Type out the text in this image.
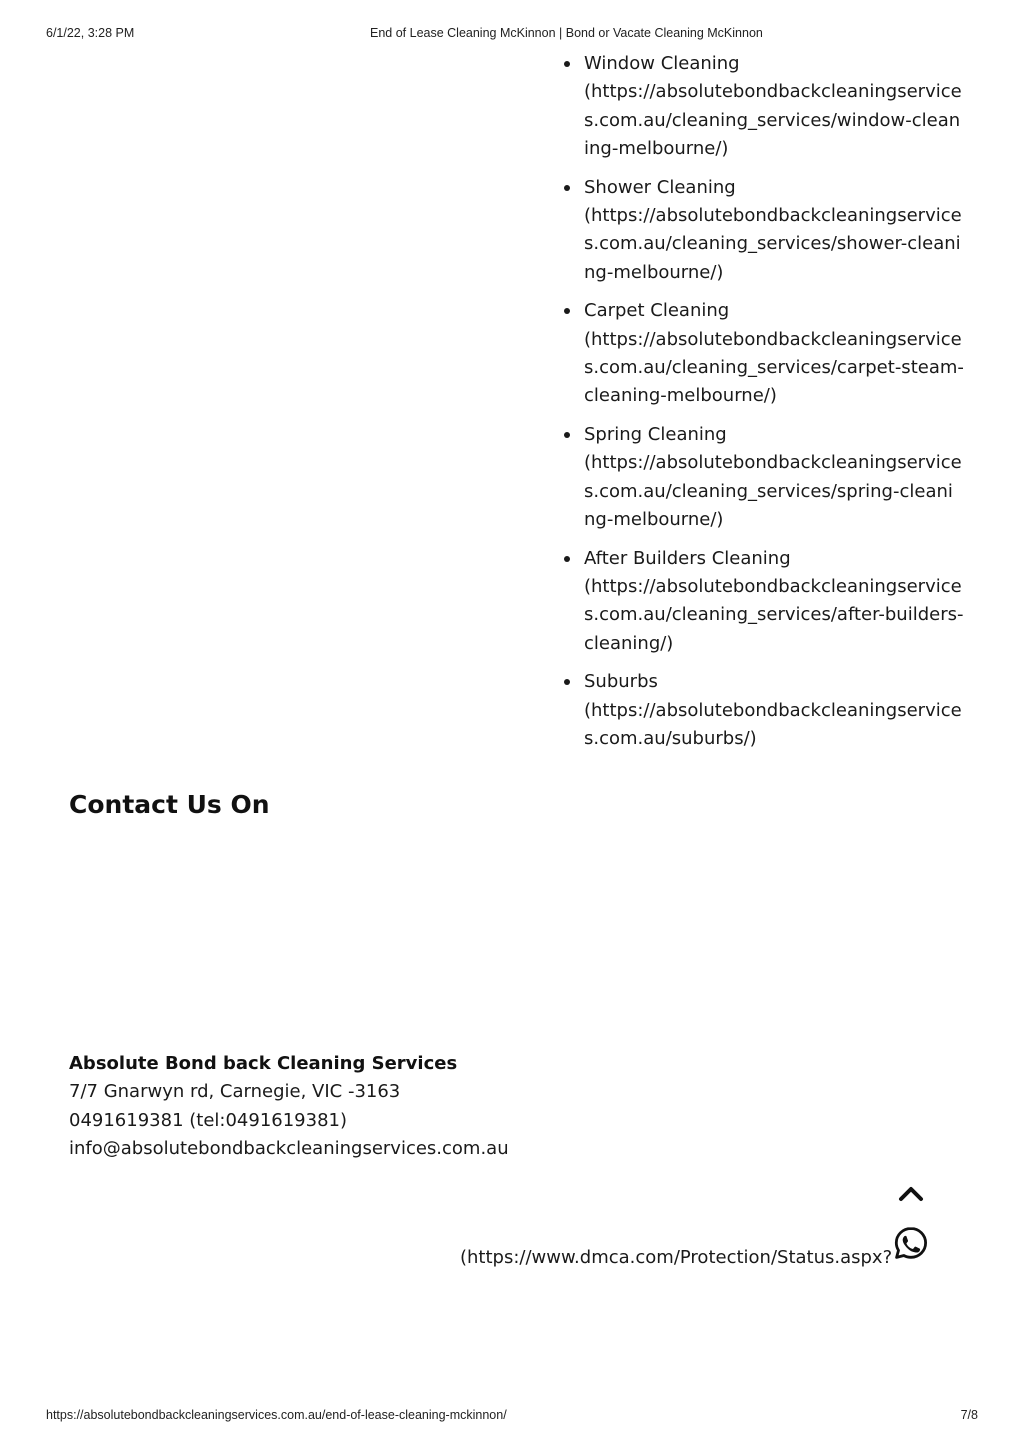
6/1/22, 3:28 PM	End of Lease Cleaning McKinnon | Bond or Vacate Cleaning McKinnon
Window Cleaning
(https://absolutebondbackcleaningservices.com.au/cleaning_services/window-cleaning-melbourne/)
Shower Cleaning
(https://absolutebondbackcleaningservices.com.au/cleaning_services/shower-cleaning-melbourne/)
Carpet Cleaning
(https://absolutebondbackcleaningservices.com.au/cleaning_services/carpet-steam-cleaning-melbourne/)
Spring Cleaning
(https://absolutebondbackcleaningservices.com.au/cleaning_services/spring-cleaning-melbourne/)
After Builders Cleaning
(https://absolutebondbackcleaningservices.com.au/cleaning_services/after-builders-cleaning/)
Suburbs
(https://absolutebondbackcleaningservices.com.au/suburbs/)
Contact Us On
Absolute Bond back Cleaning Services
7/7 Gnarwyn rd, Carnegie, VIC -3163
0491619381 (tel:0491619381)
info@absolutebondbackcleaningservices.com.au
(https://www.dmca.com/Protection/Status.aspx?
https://absolutebondbackcleaningservices.com.au/end-of-lease-cleaning-mckinnon/	7/8
